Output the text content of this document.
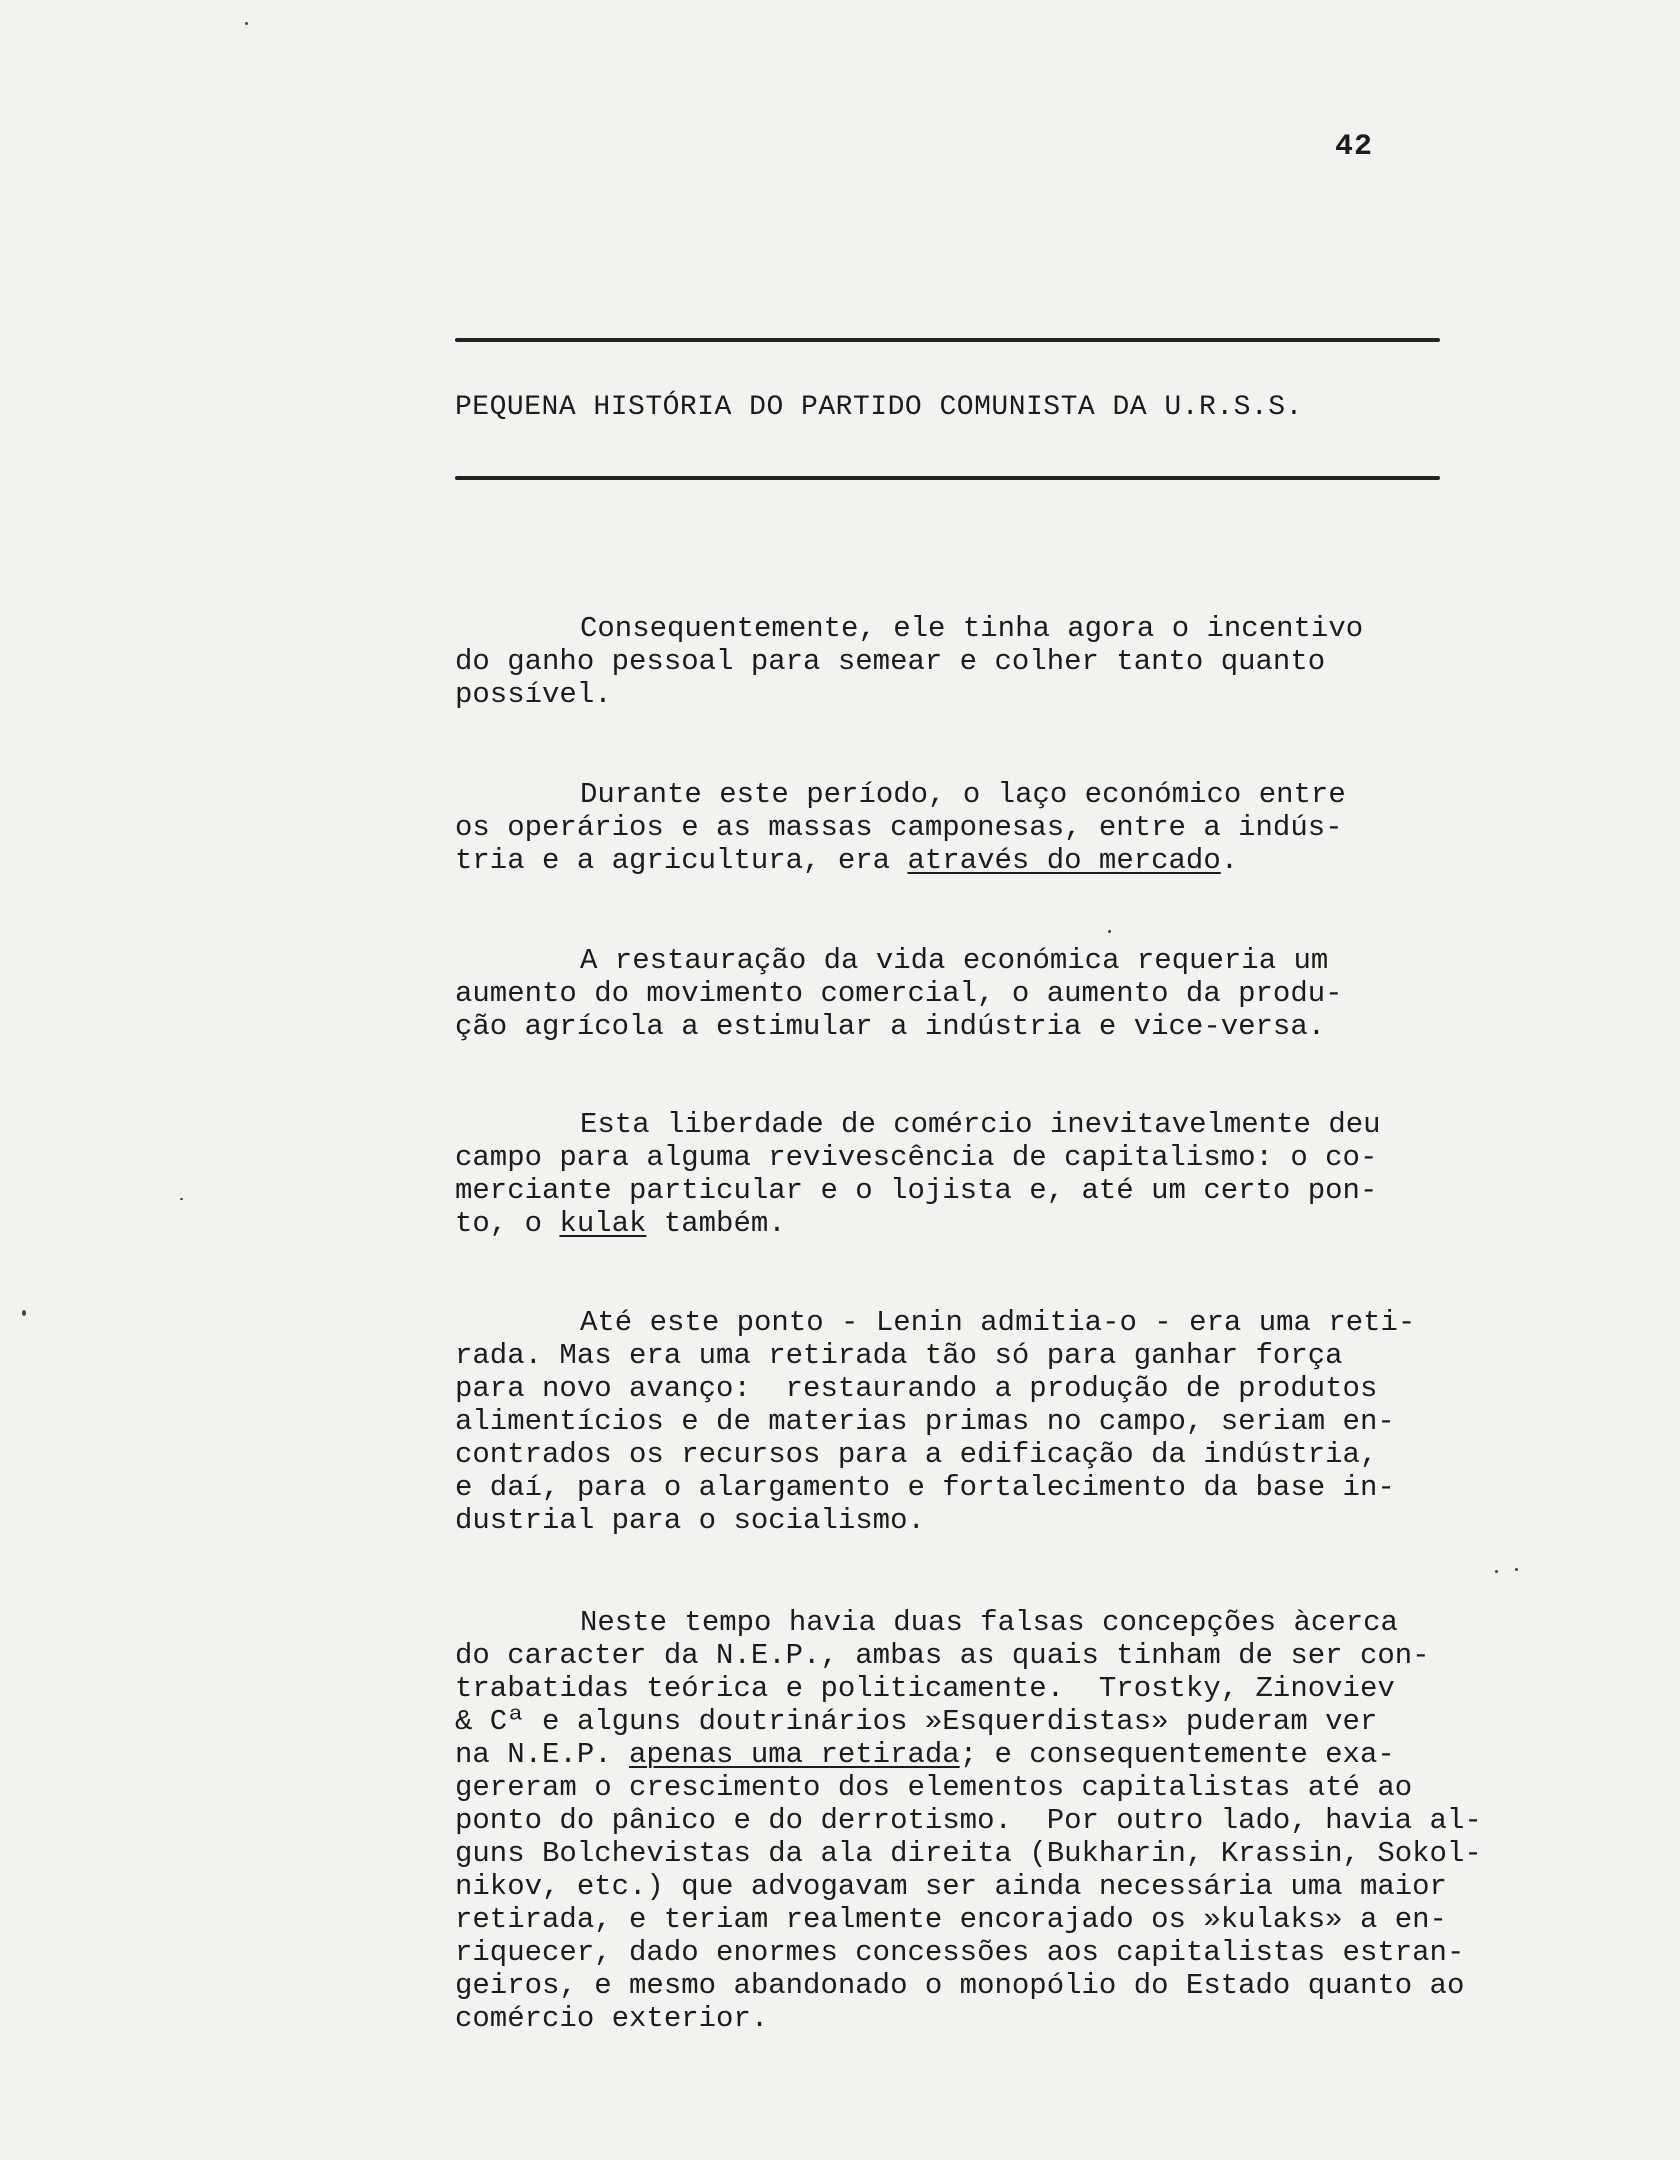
42
PEQUENA HISTÓRIA DO PARTIDO COMUNISTA DA U.R.S.S.
Consequentemente, ele tinha agora o incentivo
do ganho pessoal para semear e colher tanto quanto
possível.
Durante este período, o laço económico entre
os operários e as massas camponesas, entre a indús-
tria e a agricultura, era através do mercado.
A restauração da vida económica requeria um
aumento do movimento comercial, o aumento da produ-
ção agrícola a estimular a indústria e vice-versa.
Esta liberdade de comércio inevitavelmente deu
campo para alguma revivescência de capitalismo: o co-
merciante particular e o lojista e, até um certo pon-
to, o kulak também.
Até este ponto - Lenin admitia-o - era uma reti-
rada. Mas era uma retirada tão só para ganhar força
para novo avanço:  restaurando a produção de produtos
alimentícios e de materias primas no campo, seriam en-
contrados os recursos para a edificação da indústria,
e daí, para o alargamento e fortalecimento da base in-
dustrial para o socialismo.
Neste tempo havia duas falsas concepções àcerca
do caracter da N.E.P., ambas as quais tinham de ser con-
trabatidas teórica e politicamente.  Trostky, Zinoviev
& Cª e alguns doutrinários »Esquerdistas» puderam ver
na N.E.P. apenas uma retirada; e consequentemente exa-
gereram o crescimento dos elementos capitalistas até ao
ponto do pânico e do derrotismo.  Por outro lado, havia al-
guns Bolchevistas da ala direita (Bukharin, Krassin, Sokol-
nikov, etc.) que advogavam ser ainda necessária uma maior
retirada, e teriam realmente encorajado os »kulaks» a en-
riquecer, dado enormes concessões aos capitalistas estran-
geiros, e mesmo abandonado o monopólio do Estado quanto ao
comércio exterior.
